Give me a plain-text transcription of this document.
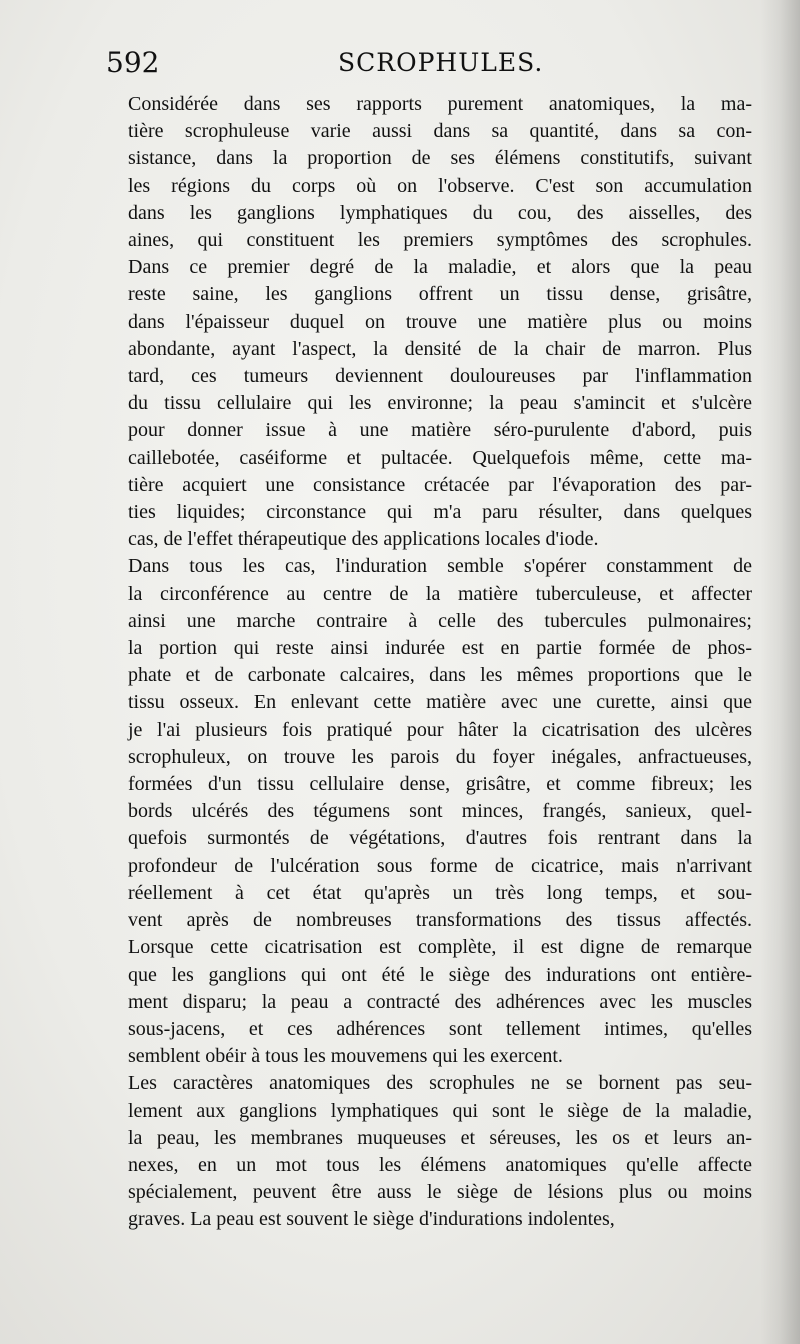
592	SCROPHULES.

Considérée dans ses rapports purement anatomiques, la ma-
tière scrophuleuse varie aussi dans sa quantité, dans sa con-
sistance, dans la proportion de ses élémens constitutifs, suivant
les régions du corps où on l'observe. C'est son accumulation
dans les ganglions lymphatiques du cou, des aisselles, des
aines, qui constituent les premiers symptômes des scrophules.
Dans ce premier degré de la maladie, et alors que la peau
reste saine, les ganglions offrent un tissu dense, grisâtre,
dans l'épaisseur duquel on trouve une matière plus ou moins
abondante, ayant l'aspect, la densité de la chair de marron. Plus
tard, ces tumeurs deviennent douloureuses par l'inflammation
du tissu cellulaire qui les environne; la peau s'amincit et s'ulcère
pour donner issue à une matière séro-purulente d'abord, puis
caillebotée, caséiforme et pultacée. Quelquefois même, cette ma-
tière acquiert une consistance crétacée par l'évaporation des par-
ties liquides; circonstance qui m'a paru résulter, dans quelques
cas, de l'effet thérapeutique des applications locales d'iode.

Dans tous les cas, l'induration semble s'opérer constamment de
la circonférence au centre de la matière tuberculeuse, et affecter
ainsi une marche contraire à celle des tubercules pulmonaires;
la portion qui reste ainsi indurée est en partie formée de phos-
phate et de carbonate calcaires, dans les mêmes proportions que le
tissu osseux. En enlevant cette matière avec une curette, ainsi que
je l'ai plusieurs fois pratiqué pour hâter la cicatrisation des ulcères
scrophuleux, on trouve les parois du foyer inégales, anfractueuses,
formées d'un tissu cellulaire dense, grisâtre, et comme fibreux; les
bords ulcérés des tégumens sont minces, frangés, sanieux, quel-
quefois surmontés de végétations, d'autres fois rentrant dans la
profondeur de l'ulcération sous forme de cicatrice, mais n'arrivant
réellement à cet état qu'après un très long temps, et sou-
vent après de nombreuses transformations des tissus affectés.
Lorsque cette cicatrisation est complète, il est digne de remarque
que les ganglions qui ont été le siège des indurations ont entière-
ment disparu; la peau a contracté des adhérences avec les muscles
sous-jacens, et ces adhérences sont tellement intimes, qu'elles
semblent obéir à tous les mouvemens qui les exercent.

Les caractères anatomiques des scrophules ne se bornent pas seu-
lement aux ganglions lymphatiques qui sont le siège de la maladie,
la peau, les membranes muqueuses et séreuses, les os et leurs an-
nexes, en un mot tous les élémens anatomiques qu'elle affecte
spécialement, peuvent être auss le siège de lésions plus ou moins
graves. La peau est souvent le siège d'indurations indolentes,
